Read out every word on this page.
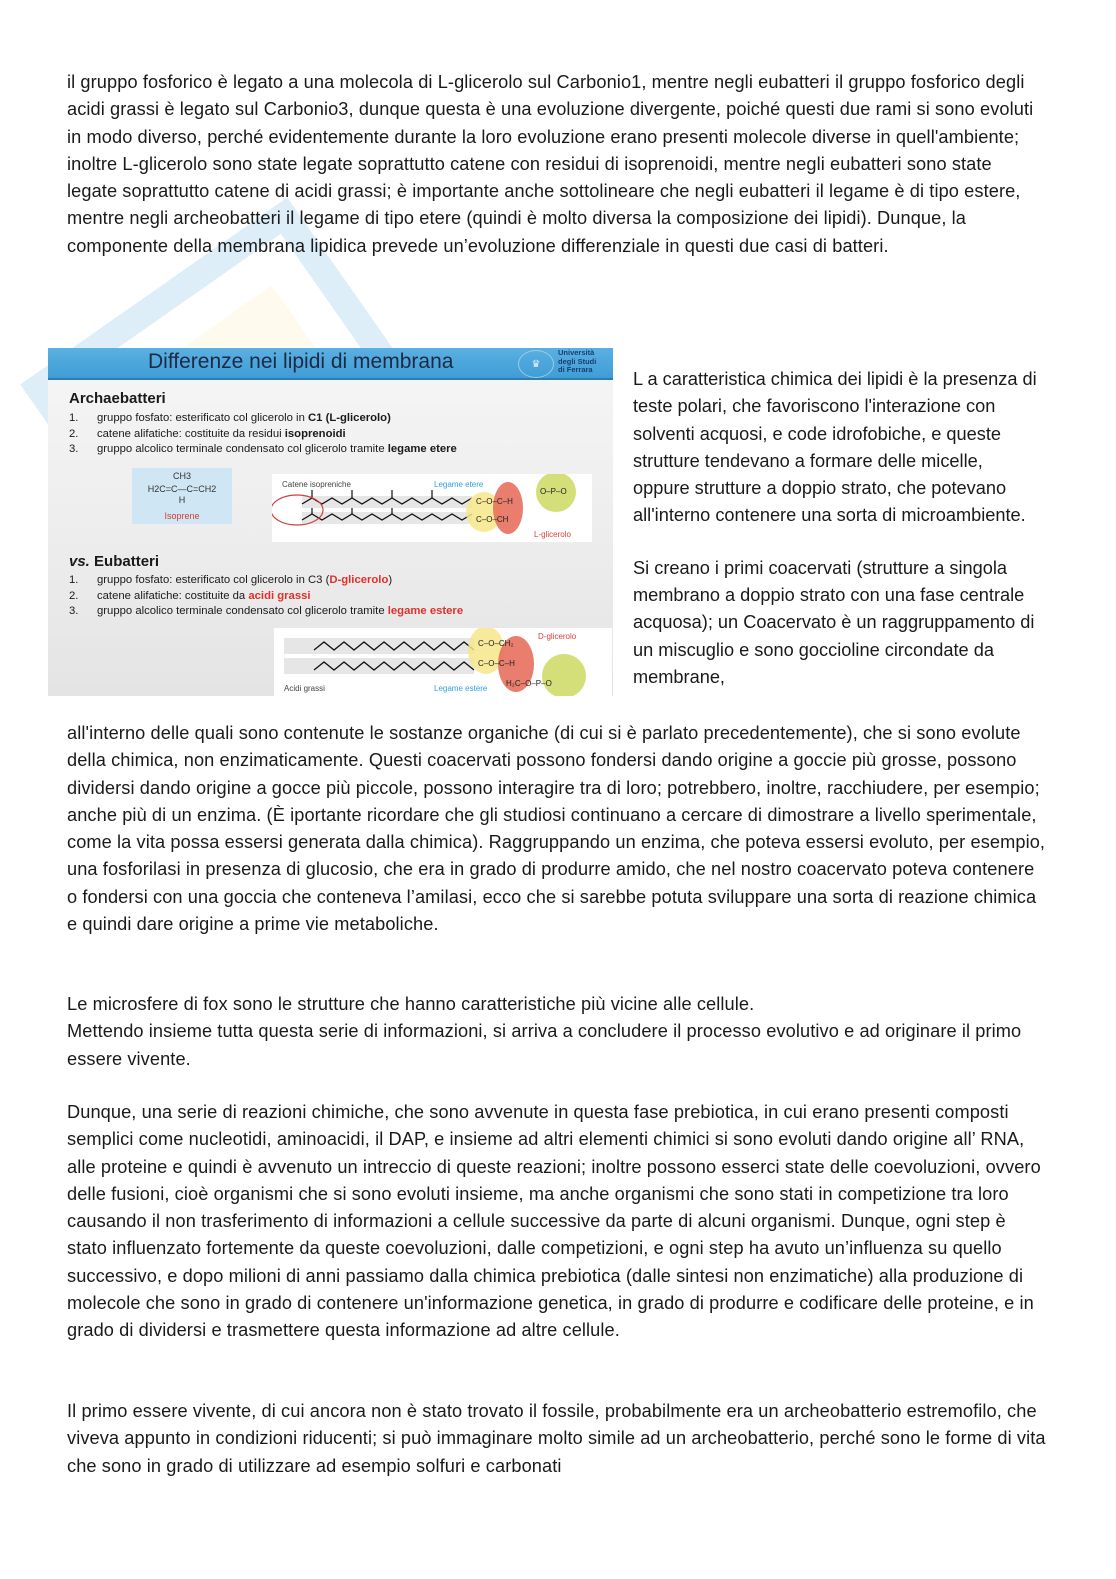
il gruppo fosforico è legato a una molecola di L-glicerolo sul Carbonio1, mentre negli eubatteri il gruppo fosforico degli acidi grassi è legato sul Carbonio3, dunque questa è una evoluzione divergente, poiché questi due rami si sono evoluti in modo diverso, perché evidentemente durante la loro evoluzione erano presenti molecole diverse in quell'ambiente; inoltre L-glicerolo sono state legate soprattutto catene con residui di isoprenoidi, mentre negli eubatteri sono state legate soprattutto catene di acidi grassi; è importante anche sottolineare che negli eubatteri il legame è di tipo estere, mentre negli archeobatteri il legame di tipo etere (quindi è molto diversa la composizione dei lipidi). Dunque, la componente della membrana lipidica prevede un’evoluzione differenziale in questi due casi di batteri.

Differenze nei lipidi di membrana	♛
Università
degli Studi
di Ferrara
Archaebatteri
1. gruppo fosfato: esterificato col glicerolo in C1 (L-glicerolo)
2. catene alifatiche: costituite da residui isoprenoidi
3. gruppo alcolico terminale condensato col glicerolo tramite legame etere
CH3
H2C=C—C=CH2
H
Isoprene
C–O–C–H
C–O–CH
O–P–O
Catene isopreniche	Legame etere
L-glicerolo
vs. Eubatteri
1. gruppo fosfato: esterificato col glicerolo in C3 (D-glicerolo)
2. catene alifatiche: costituite da acidi grassi
3. gruppo alcolico terminale condensato col glicerolo tramite legame estere
C–O–CH₂
C–O–C–H
H₂C–O–P–O
Acidi grassi	Legame estere
D-glicerolo

L a caratteristica chimica dei lipidi è la presenza di teste polari, che favoriscono l'interazione con solventi acquosi, e code idrofobiche, e queste strutture tendevano a formare delle micelle, oppure strutture a doppio strato, che potevano all'interno contenere una sorta di microambiente.

Si creano i primi coacervati (strutture a singola membrano a doppio strato con una fase centrale acquosa); un Coacervato è un raggruppamento di un miscuglio e sono goccioline circondate da membrane,

all'interno delle quali sono contenute le sostanze organiche (di cui si è parlato precedentemente), che si sono evolute della chimica, non enzimaticamente. Questi coacervati possono fondersi dando origine a goccie più grosse, possono dividersi dando origine a gocce più piccole, possono interagire tra di loro; potrebbero, inoltre, racchiudere, per esempio; anche più di un enzima. (È iportante ricordare che gli studiosi continuano a cercare di dimostrare a livello sperimentale, come la vita possa essersi generata dalla chimica). Raggruppando un enzima, che poteva essersi evoluto, per esempio, una fosforilasi in presenza di glucosio, che era in grado di produrre amido, che nel nostro coacervato poteva contenere o fondersi con una goccia che conteneva l’amilasi, ecco che si sarebbe potuta sviluppare una sorta di reazione chimica e quindi dare origine a prime vie metaboliche.

Le microsfere di fox sono le strutture che hanno caratteristiche più vicine alle cellule.

Mettendo insieme tutta questa serie di informazioni, si arriva a concludere il processo evolutivo e ad originare il primo essere vivente.

Dunque, una serie di reazioni chimiche, che sono avvenute in questa fase prebiotica, in cui erano presenti composti semplici come nucleotidi, aminoacidi, il DAP, e insieme ad altri elementi chimici si sono evoluti dando origine all’ RNA, alle proteine e quindi è avvenuto un intreccio di queste reazioni; inoltre possono esserci state delle coevoluzioni, ovvero delle fusioni, cioè organismi che si sono evoluti insieme, ma anche organismi che sono stati in competizione tra loro causando il non trasferimento di informazioni a cellule successive da parte di alcuni organismi. Dunque, ogni step è stato influenzato fortemente da queste coevoluzioni, dalle competizioni, e ogni step ha avuto un’influenza su quello successivo, e dopo milioni di anni passiamo dalla chimica prebiotica (dalle sintesi non enzimatiche) alla produzione di molecole che sono in grado di contenere un'informazione genetica, in grado di produrre e codificare delle proteine, e in grado di dividersi e trasmettere questa informazione ad altre cellule.

Il primo essere vivente, di cui ancora non è stato trovato il fossile, probabilmente era un archeobatterio estremofilo, che viveva appunto in condizioni riducenti; si può immaginare molto simile ad un archeobatterio, perché sono le forme di vita che sono in grado di utilizzare ad esempio solfuri e carbonati
